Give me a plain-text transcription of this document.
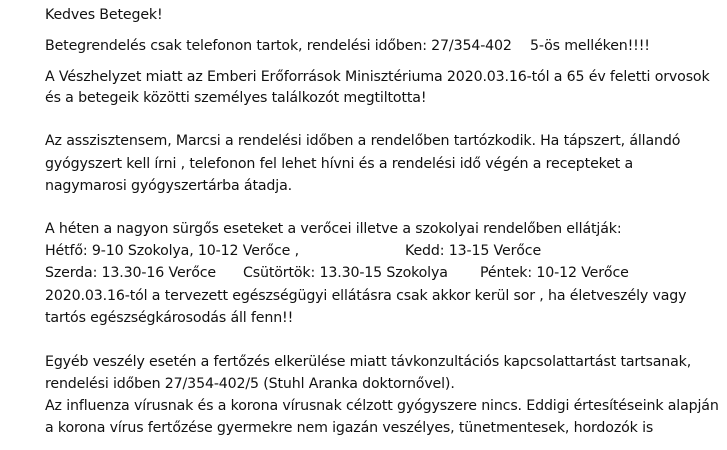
Kedves Betegek!
Betegrendelés csak telefonon tartok, rendelési időben: 27/354-402 5-ös melléken!!!!
A Vészhelyzet miatt az Emberi Erőforrások Minisztériuma 2020.03.16-tól a 65 év feletti orvosok
és a betegeik közötti személyes találkozót megtiltotta!
Az asszisztensem, Marcsi a rendelési időben a rendelőben tartózkodik. Ha tápszert, állandó
gyógyszert kell írni , telefonon fel lehet hívni és a rendelési idő végén a recepteket a
nagymarosi gyógyszertárba átadja.
A héten a nagyon sürgős eseteket a verőcei illetve a szokolyai rendelőben ellátják:
Hétfő: 9-10 Szokolya, 10-12 Verőce ,	Kedd: 13-15 Verőce
Szerda: 13.30-16 Verőce Csütörtök: 13.30-15 Szokolya Péntek: 10-12 Verőce
2020.03.16-tól a tervezett egészségügyi ellátásra csak akkor kerül sor , ha életveszély vagy
tartós egészségkárosodás áll fenn!!
Egyéb veszély esetén a fertőzés elkerülése miatt távkonzultációs kapcsolattartást tartsanak,
rendelési időben 27/354-402/5 (Stuhl Aranka doktornővel).
Az influenza vírusnak és a korona vírusnak célzott gyógyszere nincs. Eddigi értesítéseink alapján
a korona vírus fertőzése gyermekre nem igazán veszélyes, tünetmentesek, hordozók is
